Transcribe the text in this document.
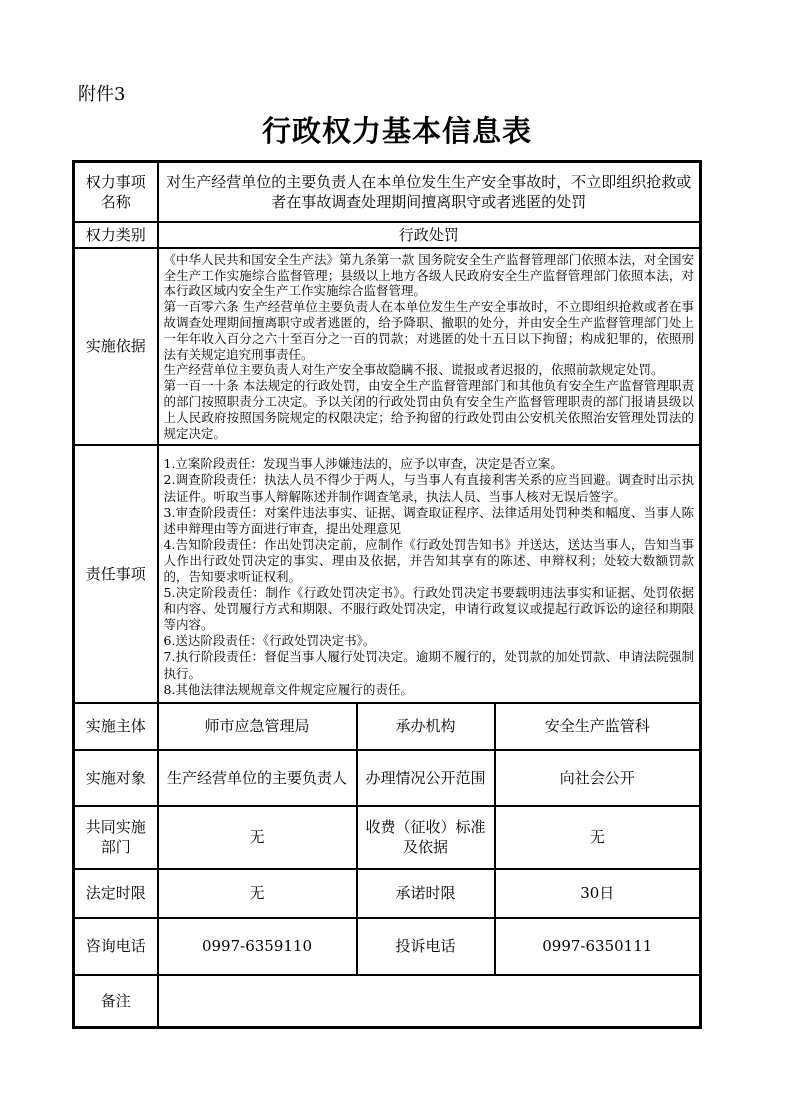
附件3
行政权力基本信息表
权力事项名称	对生产经营单位的主要负责人在本单位发生生产安全事故时，不立即组织抢救或者在事故调查处理期间擅离职守或者逃匿的处罚		
权力类别	行政处罚		
实施依据	《中华人民共和国安全生产法》第九条第一款 国务院安全生产监督管理部门依照本法，对全国安全生产工作实施综合监督管理；县级以上地方各级人民政府安全生产监督管理部门依照本法，对本行政区域内安全生产工作实施综合监督管理。

第一百零六条 生产经营单位主要负责人在本单位发生生产安全事故时，不立即组织抢救或者在事故调查处理期间擅离职守或者逃匿的，给予降职、撤职的处分，并由安全生产监督管理部门处上一年年收入百分之六十至百分之一百的罚款；对逃匿的处十五日以下拘留；构成犯罪的，依照刑法有关规定追究刑事责任。

生产经营单位主要负责人对生产安全事故隐瞒不报、谎报或者迟报的，依照前款规定处罚。

第一百一十条 本法规定的行政处罚，由安全生产监督管理部门和其他负有安全生产监督管理职责的部门按照职责分工决定。予以关闭的行政处罚由负有安全生产监督管理职责的部门报请县级以上人民政府按照国务院规定的权限决定；给予拘留的行政处罚由公安机关依照治安管理处罚法的规定决定。		

责任事项	

1.立案阶段责任：发现当事人涉嫌违法的，应予以审查，决定是否立案。

2.调查阶段责任：执法人员不得少于两人，与当事人有直接利害关系的应当回避。调查时出示执法证件。听取当事人辩解陈述并制作调查笔录，执法人员、当事人核对无误后签字。

3.审查阶段责任：对案件违法事实、证据、调查取证程序、法律适用处罚种类和幅度、当事人陈述申辩理由等方面进行审查，提出处理意见

4.告知阶段责任：作出处罚决定前，应制作《行政处罚告知书》并送达，送达当事人，告知当事人作出行政处罚决定的事实、理由及依据，并告知其享有的陈述、申辩权利；处较大数额罚款的，告知要求听证权利。

5.决定阶段责任：制作《行政处罚决定书》。行政处罚决定书要载明违法事实和证据、处罚依据和内容、处罚履行方式和期限、不服行政处罚决定，申请行政复议或提起行政诉讼的途径和期限等内容。

6.送达阶段责任：《行政处罚决定书》。

7.执行阶段责任：督促当事人履行处罚决定。逾期不履行的，处罚款的加处罚款、申请法院强制执行。

8.其他法律法规规章文件规定应履行的责任。

实施主体	师市应急管理局	承办机构	安全生产监管科
实施对象	生产经营单位的主要负责人	办理情况公开范围	向社会公开
共同实施部门	无	收费（征收）标准及依据	无
法定时限	无	承诺时限	30日
咨询电话	0997-6359110	投诉电话	0997-6350111
备注			
